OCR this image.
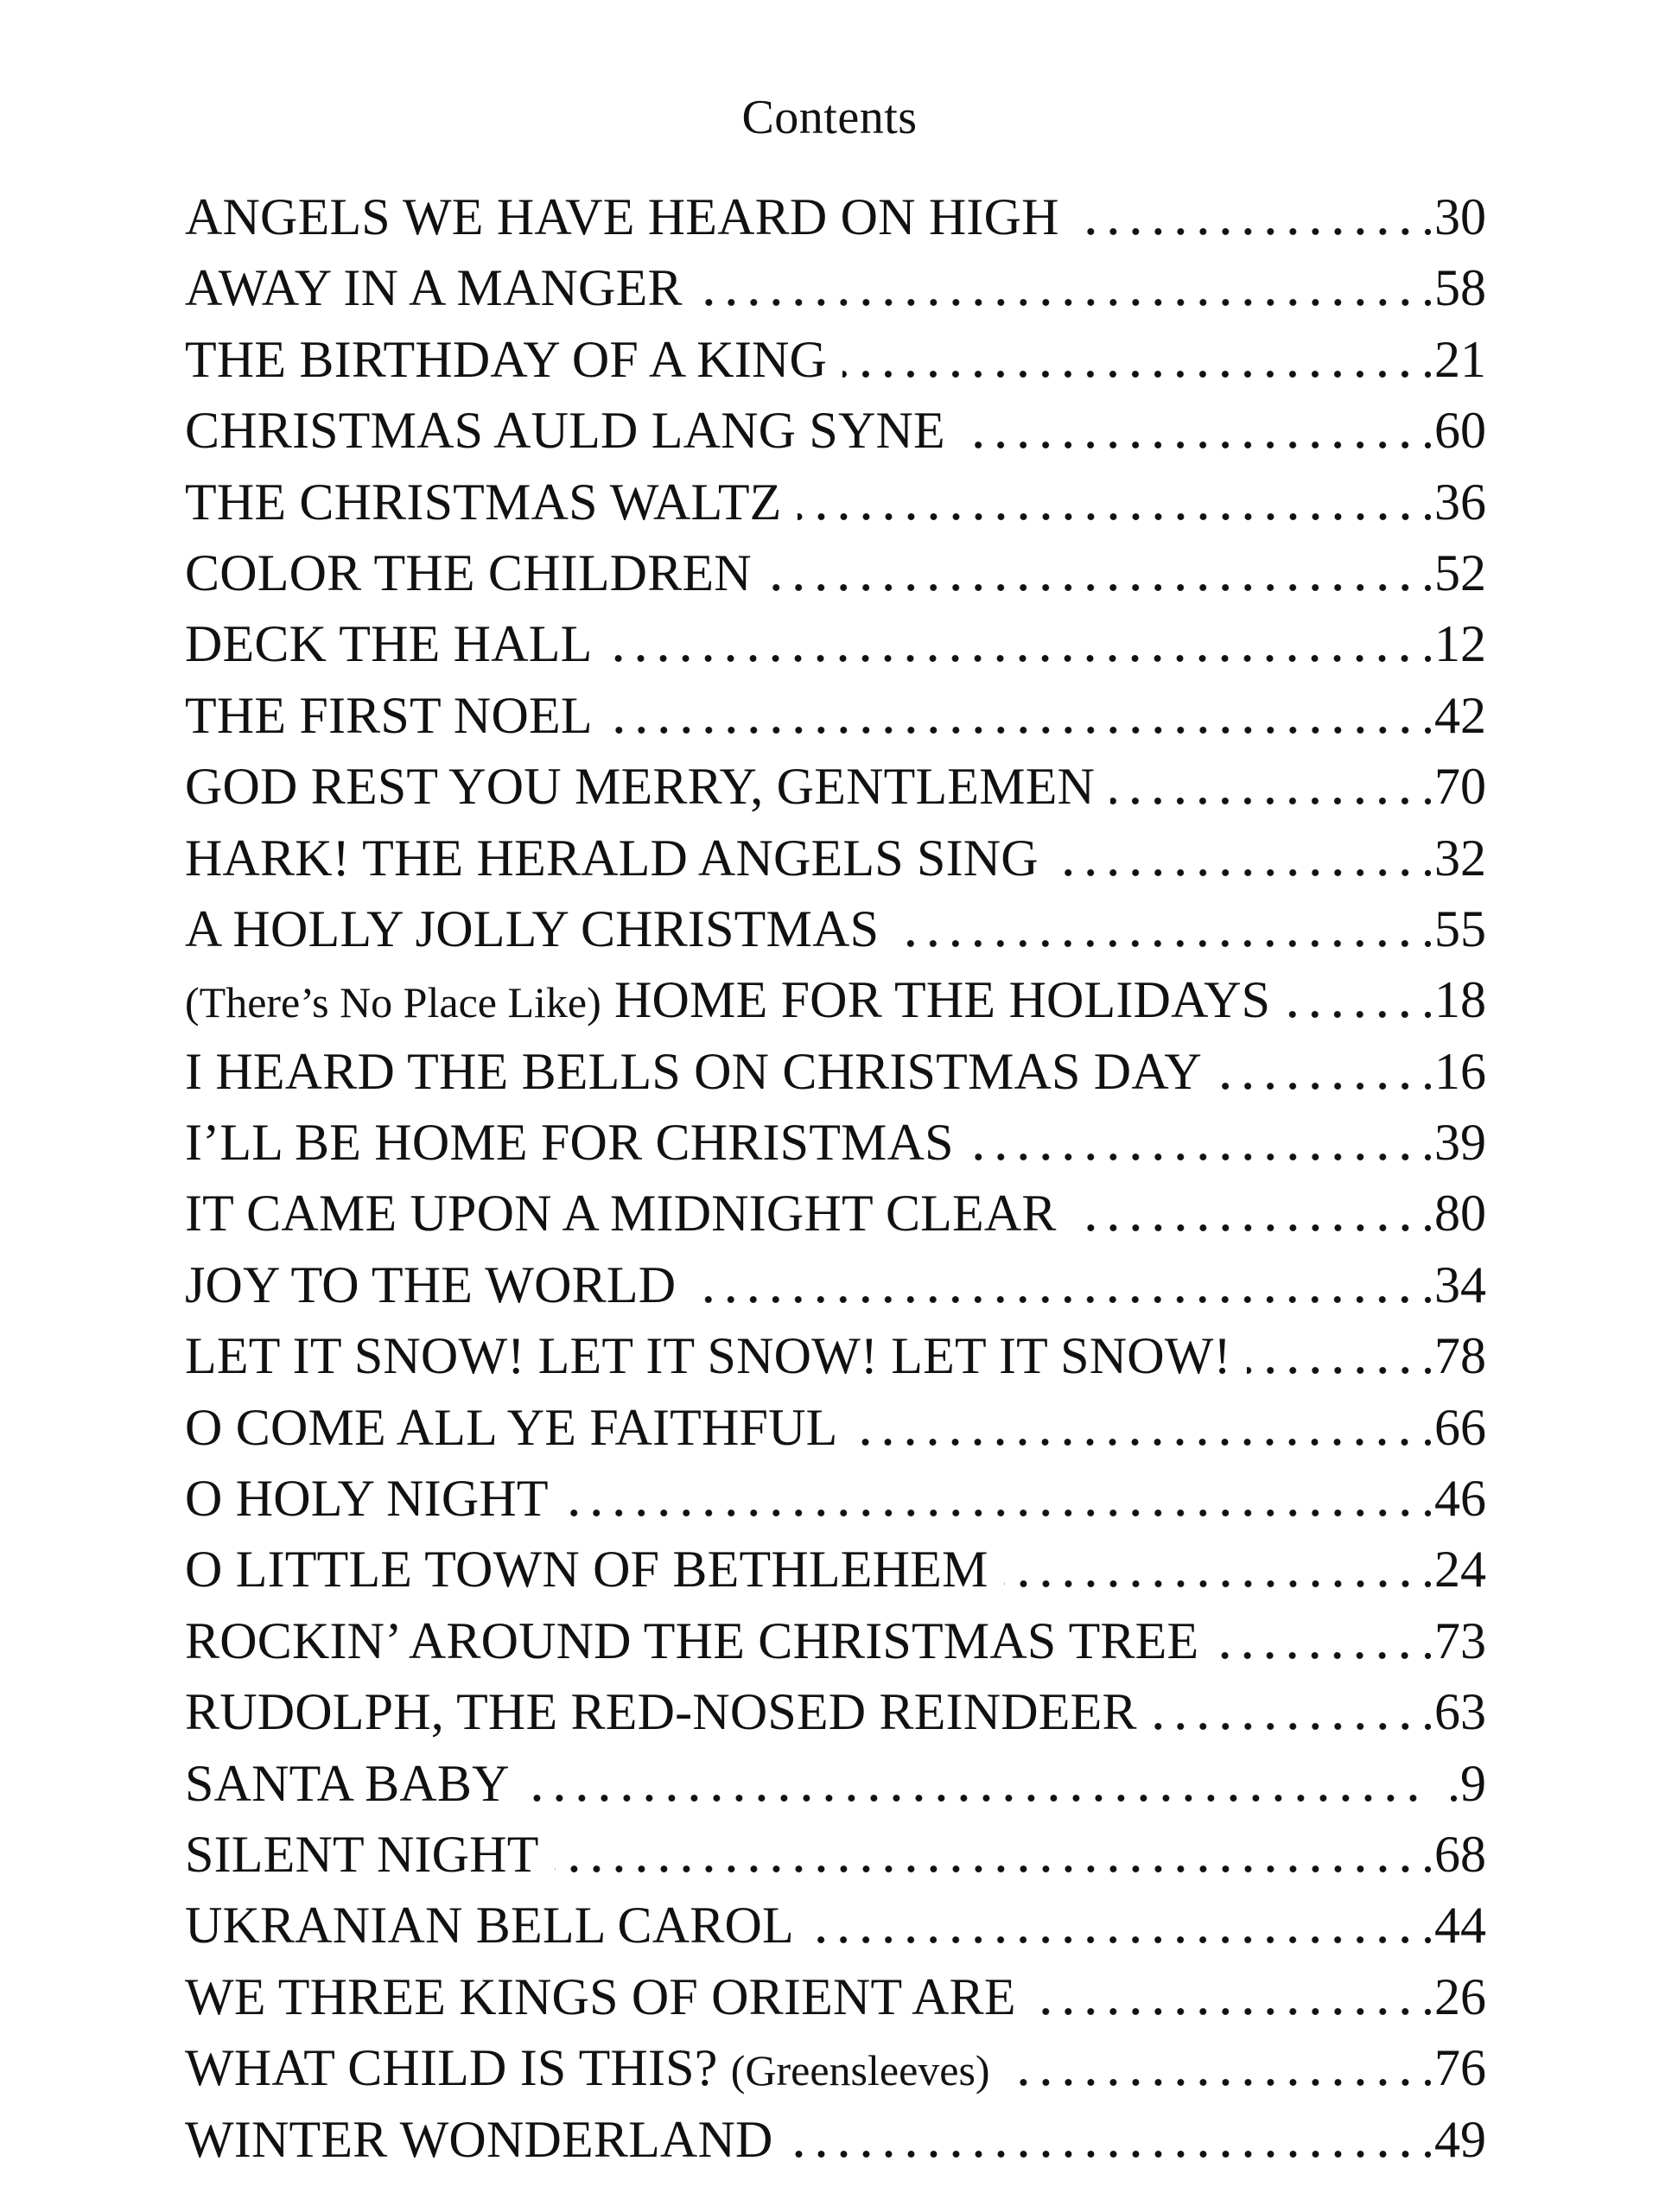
Contents
ANGELS WE HAVE HEARD ON HIGH	.30
AWAY IN A MANGER	.58
THE BIRTHDAY OF A KING	.21
CHRISTMAS AULD LANG SYNE	.60
THE CHRISTMAS WALTZ	.36
COLOR THE CHILDREN	.52
DECK THE HALL	.12
THE FIRST NOEL	.42
GOD REST YOU MERRY, GENTLEMEN	.70
HARK! THE HERALD ANGELS SING	.32
A HOLLY JOLLY CHRISTMAS	.55
(There’s No Place Like) HOME FOR THE HOLIDAYS	.18
I HEARD THE BELLS ON CHRISTMAS DAY	.16
I’LL BE HOME FOR CHRISTMAS	.39
IT CAME UPON A MIDNIGHT CLEAR	.80
JOY TO THE WORLD	.34
LET IT SNOW! LET IT SNOW! LET IT SNOW!	.78
O COME ALL YE FAITHFUL	.66
O HOLY NIGHT	.46
O LITTLE TOWN OF BETHLEHEM	.24
ROCKIN’ AROUND THE CHRISTMAS TREE	.73
RUDOLPH, THE RED-NOSED REINDEER	.63
SANTA BABY	.9
SILENT NIGHT	.68
UKRANIAN BELL CAROL	.44
WE THREE KINGS OF ORIENT ARE	.26
WHAT CHILD IS THIS? (Greensleeves)	.76
WINTER WONDERLAND	.49
